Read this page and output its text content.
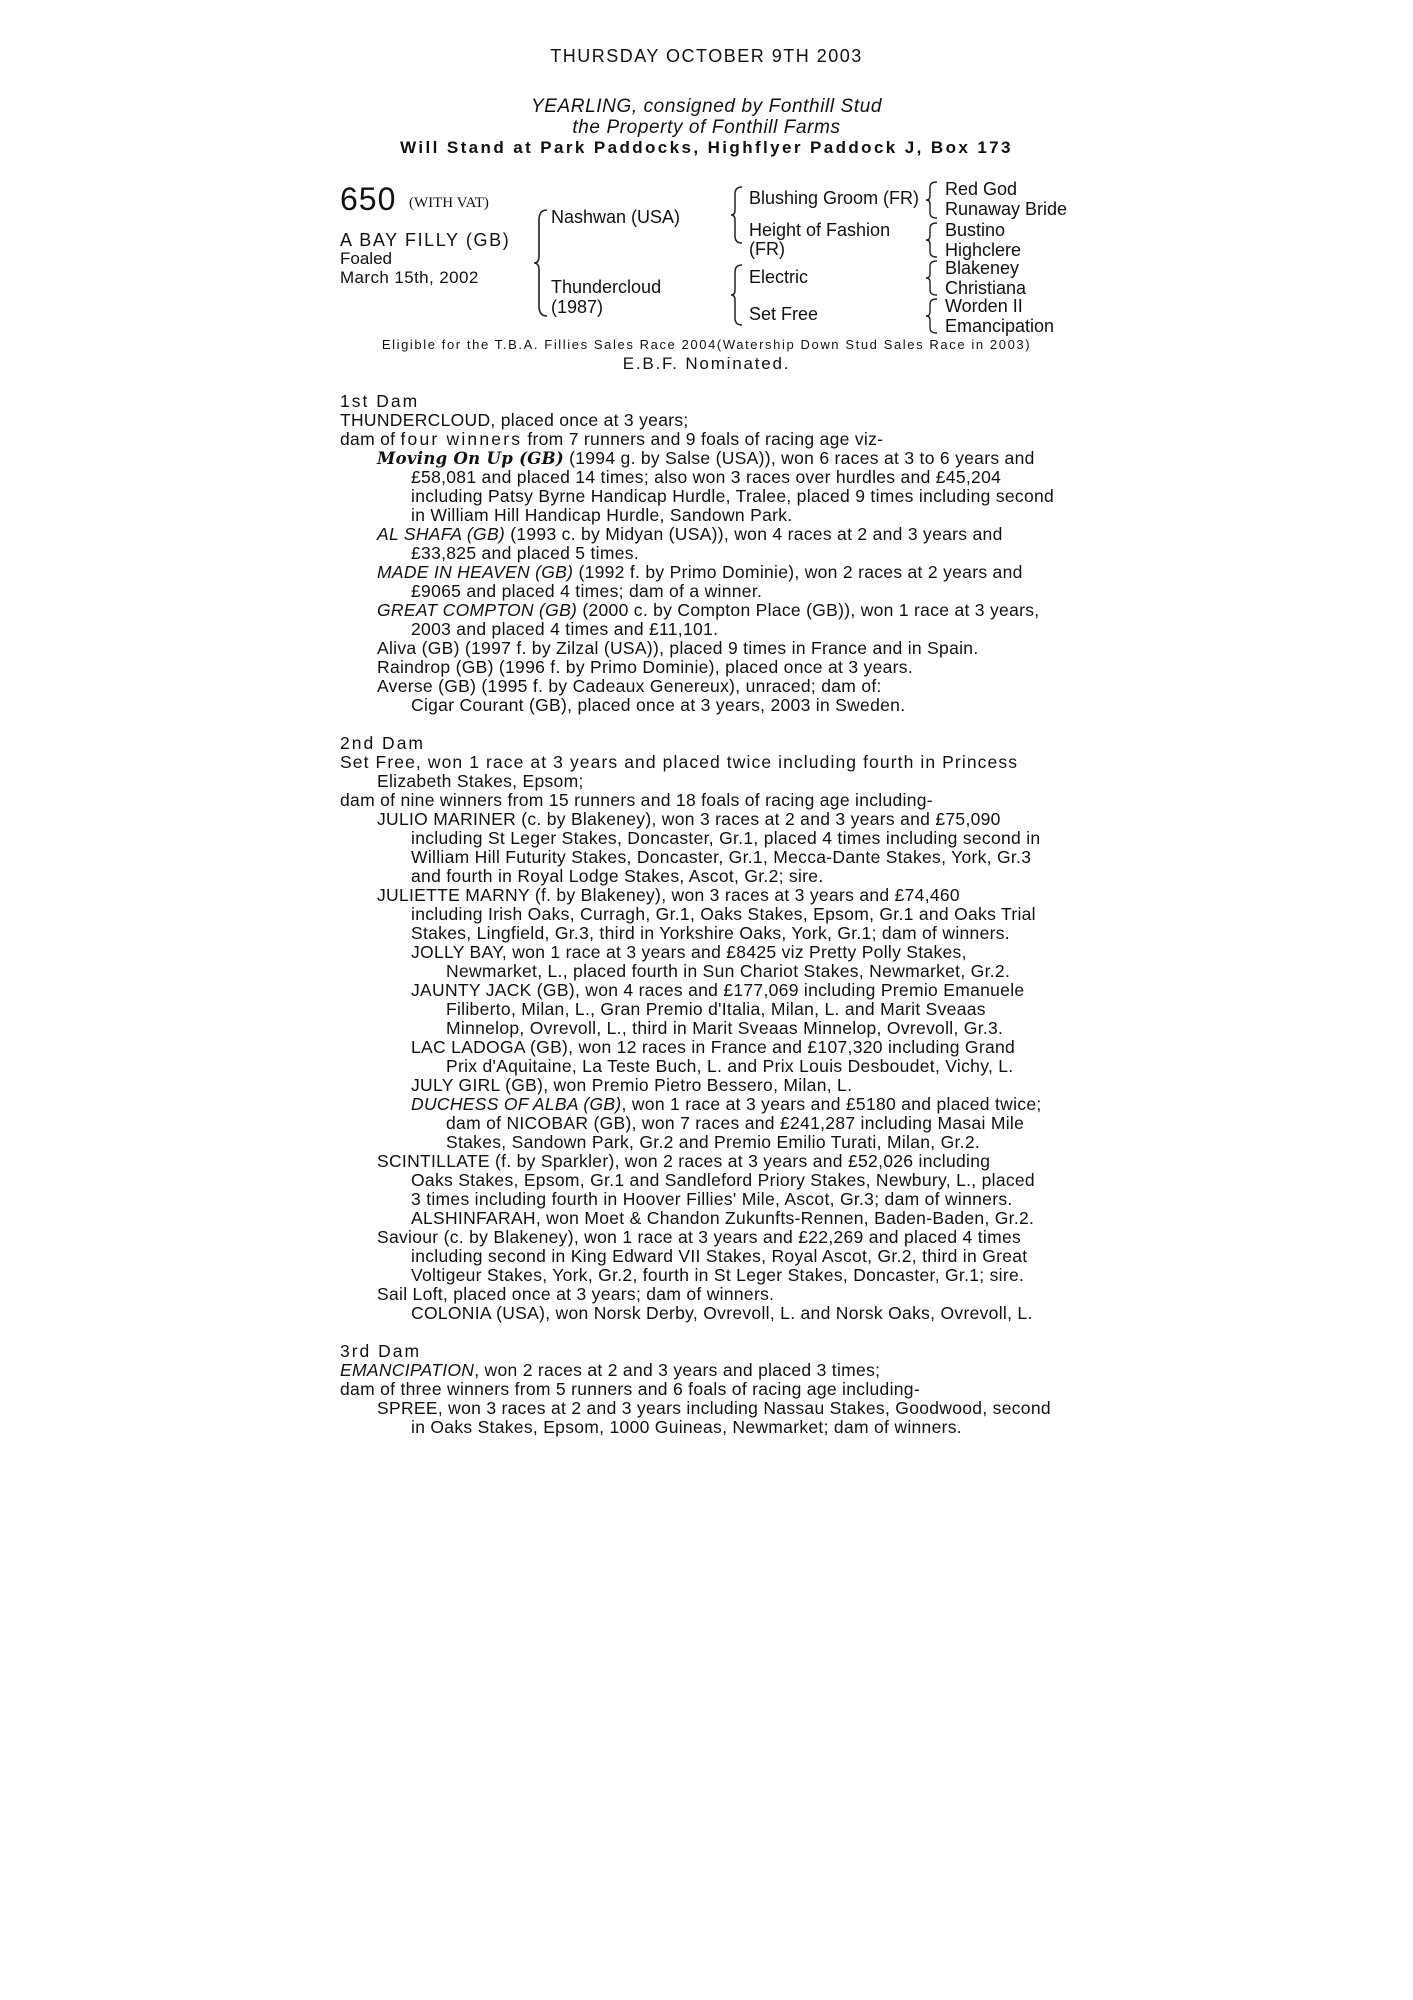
THURSDAY OCTOBER 9TH 2003
YEARLING, consigned by Fonthill Stud
the Property of Fonthill Farms
Will Stand at Park Paddocks, Highflyer Paddock J, Box 173
650 (WITH VAT)
A BAY FILLY (GB)
Foaled
March 15th, 2002
Nashwan (USA)
Thundercloud
(1987)
Blushing Groom (FR)
Height of Fashion
(FR)
Electric
Set Free
Red God
Runaway Bride
Bustino
Highclere
Blakeney
Christiana
Worden II
Emancipation
Eligible for the T.B.A. Fillies Sales Race 2004(Watership Down Stud Sales Race in 2003)
E.B.F. Nominated.
1st Dam
THUNDERCLOUD, placed once at 3 years;
dam of four winners from 7 runners and 9 foals of racing age viz-
Moving On Up (GB) (1994 g. by Salse (USA)), won 6 races at 3 to 6 years and
£58,081 and placed 14 times; also won 3 races over hurdles and £45,204
including Patsy Byrne Handicap Hurdle, Tralee, placed 9 times including second
in William Hill Handicap Hurdle, Sandown Park.
AL SHAFA (GB) (1993 c. by Midyan (USA)), won 4 races at 2 and 3 years and
£33,825 and placed 5 times.
MADE IN HEAVEN (GB) (1992 f. by Primo Dominie), won 2 races at 2 years and
£9065 and placed 4 times; dam of a winner.
GREAT COMPTON (GB) (2000 c. by Compton Place (GB)), won 1 race at 3 years,
2003 and placed 4 times and £11,101.
Aliva (GB) (1997 f. by Zilzal (USA)), placed 9 times in France and in Spain.
Raindrop (GB) (1996 f. by Primo Dominie), placed once at 3 years.
Averse (GB) (1995 f. by Cadeaux Genereux), unraced; dam of:
Cigar Courant (GB), placed once at 3 years, 2003 in Sweden.
2nd Dam
Set Free, won 1 race at 3 years and placed twice including fourth in Princess
Elizabeth Stakes, Epsom;
dam of nine winners from 15 runners and 18 foals of racing age including-
JULIO MARINER (c. by Blakeney), won 3 races at 2 and 3 years and £75,090
including St Leger Stakes, Doncaster, Gr.1, placed 4 times including second in
William Hill Futurity Stakes, Doncaster, Gr.1, Mecca-Dante Stakes, York, Gr.3
and fourth in Royal Lodge Stakes, Ascot, Gr.2; sire.
JULIETTE MARNY (f. by Blakeney), won 3 races at 3 years and £74,460
including Irish Oaks, Curragh, Gr.1, Oaks Stakes, Epsom, Gr.1 and Oaks Trial
Stakes, Lingfield, Gr.3, third in Yorkshire Oaks, York, Gr.1; dam of winners.
JOLLY BAY, won 1 race at 3 years and £8425 viz Pretty Polly Stakes,
Newmarket, L., placed fourth in Sun Chariot Stakes, Newmarket, Gr.2.
JAUNTY JACK (GB), won 4 races and £177,069 including Premio Emanuele
Filiberto, Milan, L., Gran Premio d'Italia, Milan, L. and Marit Sveaas
Minnelop, Ovrevoll, L., third in Marit Sveaas Minnelop, Ovrevoll, Gr.3.
LAC LADOGA (GB), won 12 races in France and £107,320 including Grand
Prix d'Aquitaine, La Teste Buch, L. and Prix Louis Desboudet, Vichy, L.
JULY GIRL (GB), won Premio Pietro Bessero, Milan, L.
DUCHESS OF ALBA (GB), won 1 race at 3 years and £5180 and placed twice;
dam of NICOBAR (GB), won 7 races and £241,287 including Masai Mile
Stakes, Sandown Park, Gr.2 and Premio Emilio Turati, Milan, Gr.2.
SCINTILLATE (f. by Sparkler), won 2 races at 3 years and £52,026 including
Oaks Stakes, Epsom, Gr.1 and Sandleford Priory Stakes, Newbury, L., placed
3 times including fourth in Hoover Fillies' Mile, Ascot, Gr.3; dam of winners.
ALSHINFARAH, won Moet & Chandon Zukunfts-Rennen, Baden-Baden, Gr.2.
Saviour (c. by Blakeney), won 1 race at 3 years and £22,269 and placed 4 times
including second in King Edward VII Stakes, Royal Ascot, Gr.2, third in Great
Voltigeur Stakes, York, Gr.2, fourth in St Leger Stakes, Doncaster, Gr.1; sire.
Sail Loft, placed once at 3 years; dam of winners.
COLONIA (USA), won Norsk Derby, Ovrevoll, L. and Norsk Oaks, Ovrevoll, L.
3rd Dam
EMANCIPATION, won 2 races at 2 and 3 years and placed 3 times;
dam of three winners from 5 runners and 6 foals of racing age including-
SPREE, won 3 races at 2 and 3 years including Nassau Stakes, Goodwood, second
in Oaks Stakes, Epsom, 1000 Guineas, Newmarket; dam of winners.
